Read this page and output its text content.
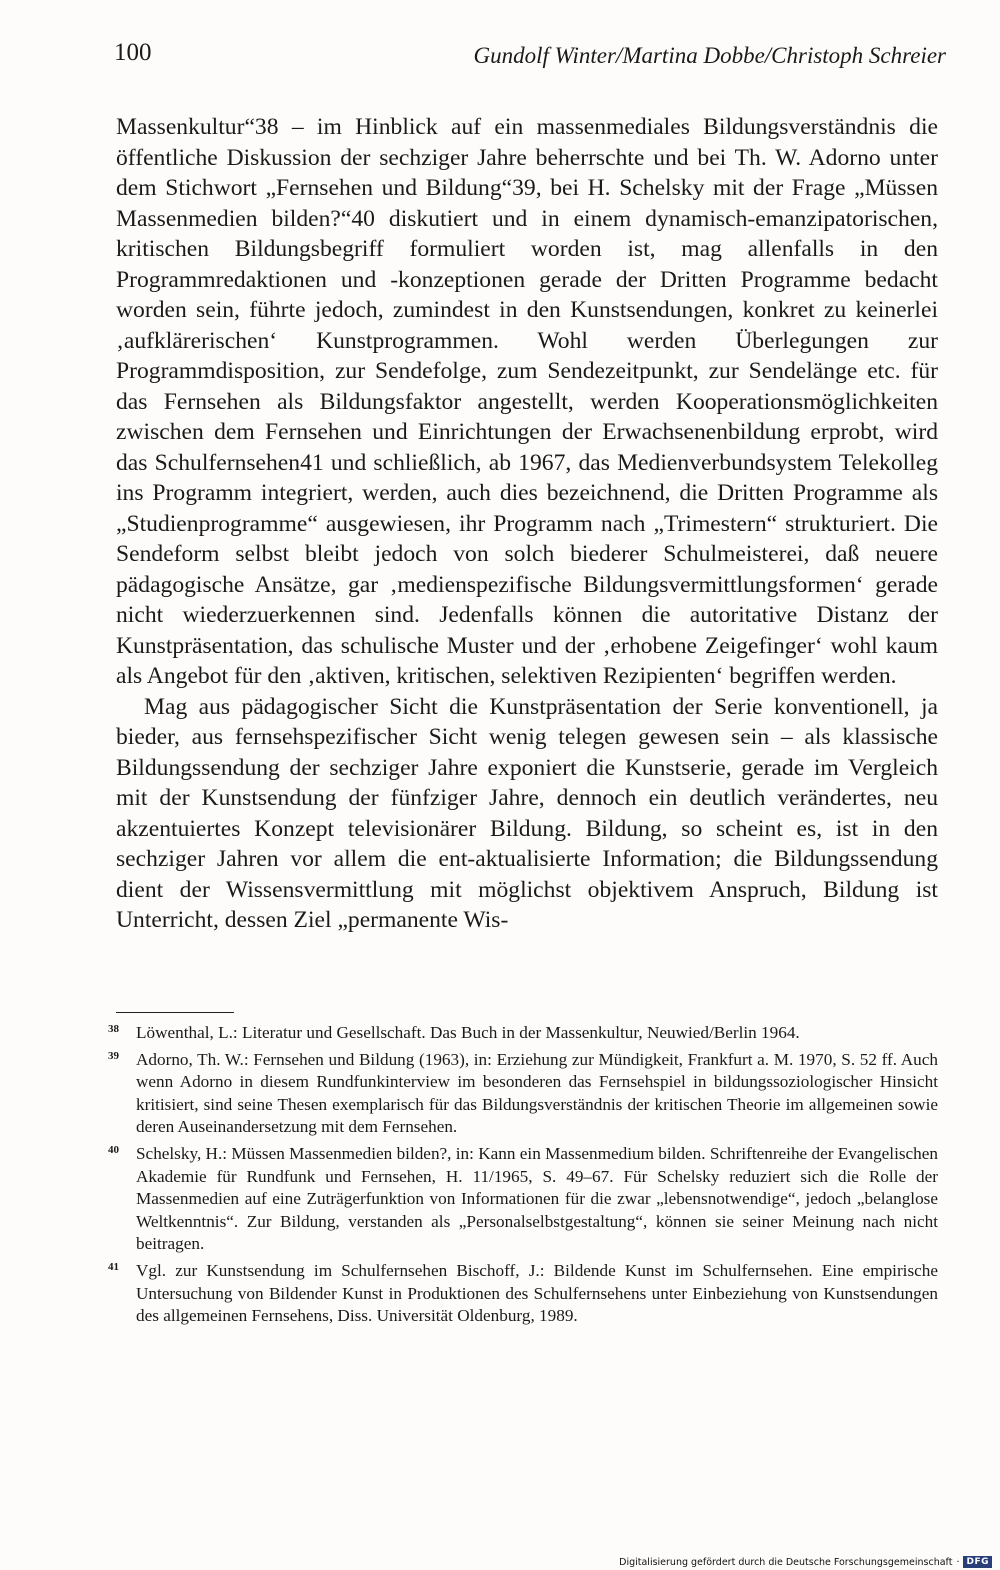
100	Gundolf Winter/Martina Dobbe/Christoph Schreier

Massenkultur“38 – im Hinblick auf ein massenmediales Bildungsverständnis die öffentliche Diskussion der sechziger Jahre beherrschte und bei Th. W. Adorno unter dem Stichwort „Fernsehen und Bildung“39, bei H. Schelsky mit der Frage „Müssen Massenmedien bilden?“40 diskutiert und in einem dynamisch-emanzipatorischen, kritischen Bildungsbegriff formuliert worden ist, mag allenfalls in den Programmredaktionen und -konzeptionen gerade der Dritten Programme bedacht worden sein, führte jedoch, zumindest in den Kunstsendungen, konkret zu keinerlei ‚aufklärerischen‘ Kunstprogrammen. Wohl werden Überlegungen zur Programmdisposition, zur Sendefolge, zum Sendezeitpunkt, zur Sendelänge etc. für das Fernsehen als Bildungsfaktor angestellt, werden Kooperationsmöglichkeiten zwischen dem Fernsehen und Einrichtungen der Erwachsenenbildung erprobt, wird das Schulfernsehen41 und schließlich, ab 1967, das Medienverbundsystem Telekolleg ins Programm integriert, werden, auch dies bezeichnend, die Dritten Programme als „Studienprogramme“ ausgewiesen, ihr Programm nach „Trimestern“ strukturiert. Die Sendeform selbst bleibt jedoch von solch biederer Schulmeisterei, daß neuere pädagogische Ansätze, gar ‚medienspezifische Bildungsvermittlungsformen‘ gerade nicht wiederzuerkennen sind. Jedenfalls können die autoritative Distanz der Kunstpräsentation, das schulische Muster und der ‚erhobene Zeigefinger‘ wohl kaum als Angebot für den ‚aktiven, kritischen, selektiven Rezipienten‘ begriffen werden.

Mag aus pädagogischer Sicht die Kunstpräsentation der Serie konventionell, ja bieder, aus fernsehspezifischer Sicht wenig telegen gewesen sein – als klassische Bildungssendung der sechziger Jahre exponiert die Kunstserie, gerade im Vergleich mit der Kunstsendung der fünfziger Jahre, dennoch ein deutlich verändertes, neu akzentuiertes Konzept televisionärer Bildung. Bildung, so scheint es, ist in den sechziger Jahren vor allem die ent-aktualisierte Information; die Bildungssendung dient der Wissensvermittlung mit möglichst objektivem Anspruch, Bildung ist Unterricht, dessen Ziel „permanente Wis-

38 Löwenthal, L.: Literatur und Gesellschaft. Das Buch in der Massenkultur, Neuwied/Berlin 1964.
39 Adorno, Th. W.: Fernsehen und Bildung (1963), in: Erziehung zur Mündigkeit, Frankfurt a. M. 1970, S. 52 ff. Auch wenn Adorno in diesem Rundfunkinterview im besonderen das Fernsehspiel in bildungssoziologischer Hinsicht kritisiert, sind seine Thesen exemplarisch für das Bildungsverständnis der kritischen Theorie im allgemeinen sowie deren Auseinandersetzung mit dem Fernsehen.
40 Schelsky, H.: Müssen Massenmedien bilden?, in: Kann ein Massenmedium bilden. Schriftenreihe der Evangelischen Akademie für Rundfunk und Fernsehen, H. 11/1965, S. 49–67. Für Schelsky reduziert sich die Rolle der Massenmedien auf eine Zuträgerfunktion von Informationen für die zwar „lebensnotwendige“, jedoch „belanglose Weltkenntnis“. Zur Bildung, verstanden als „Personalselbstgestaltung“, können sie seiner Meinung nach nicht beitragen.
41 Vgl. zur Kunstsendung im Schulfernsehen Bischoff, J.: Bildende Kunst im Schulfernsehen. Eine empirische Untersuchung von Bildender Kunst in Produktionen des Schulfernsehens unter Einbeziehung von Kunstsendungen des allgemeinen Fernsehens, Diss. Universität Oldenburg, 1989.
Digitalisierung gefördert durch die Deutsche Forschungsgemeinschaft · DFG
